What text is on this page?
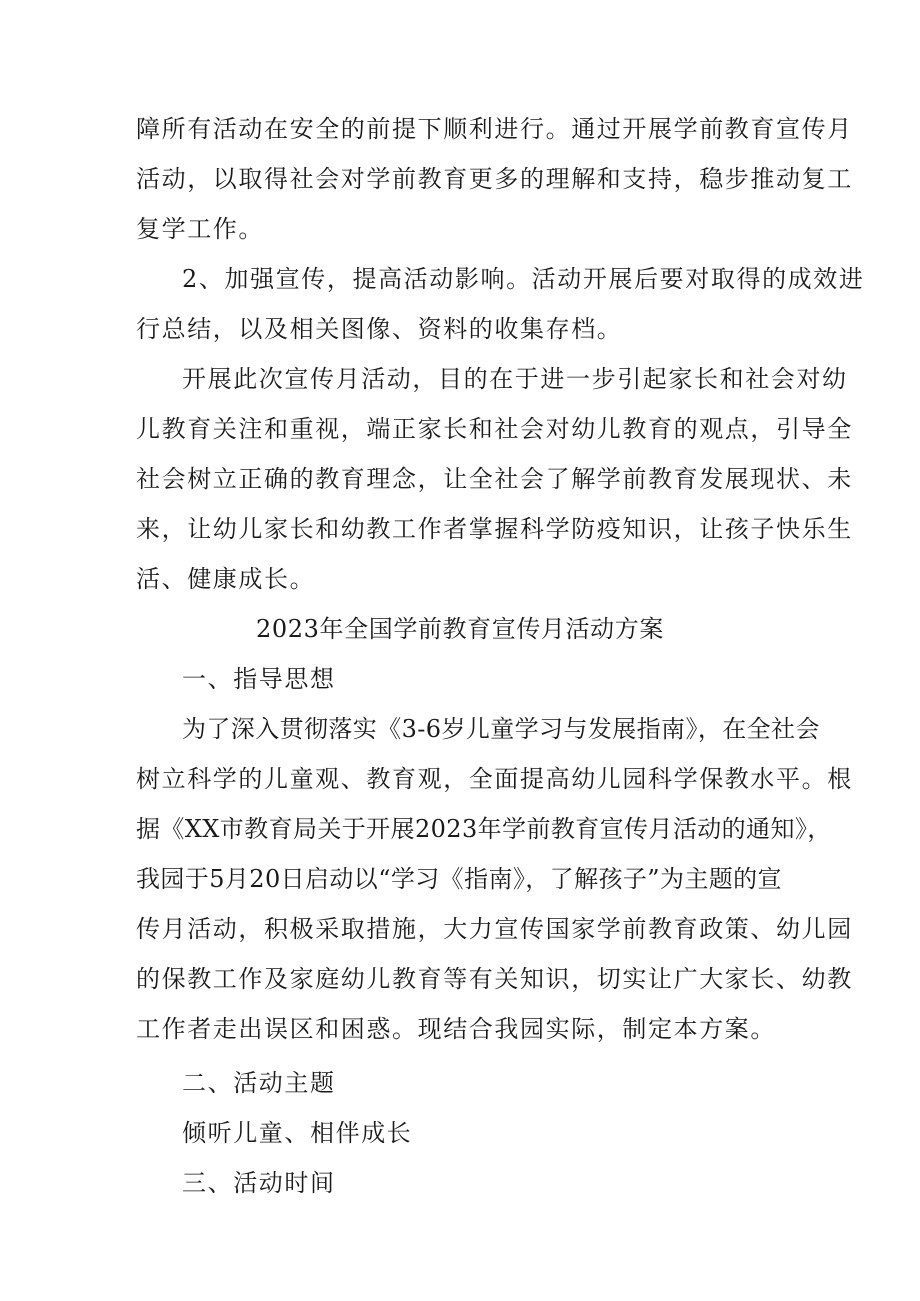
障所有活动在安全的前提下顺利进行。通过开展学前教育宣传月
活动，以取得社会对学前教育更多的理解和支持，稳步推动复工
复学工作。
2、加强宣传，提高活动影响。活动开展后要对取得的成效进
行总结，以及相关图像、资料的收集存档。
开展此次宣传月活动，目的在于进一步引起家长和社会对幼
儿教育关注和重视，端正家长和社会对幼儿教育的观点，引导全
社会树立正确的教育理念，让全社会了解学前教育发展现状、未
来，让幼儿家长和幼教工作者掌握科学防疫知识，让孩子快乐生
活、健康成长。
2023年全国学前教育宣传月活动方案
一、指导思想
为了深入贯彻落实《3-6岁儿童学习与发展指南》，在全社会
树立科学的儿童观、教育观，全面提高幼儿园科学保教水平。根
据《XX市教育局关于开展2023年学前教育宣传月活动的通知》，
我园于5月20日启动以“学习《指南》，了解孩子”为主题的宣
传月活动，积极采取措施，大力宣传国家学前教育政策、幼儿园
的保教工作及家庭幼儿教育等有关知识，切实让广大家长、幼教
工作者走出误区和困惑。现结合我园实际，制定本方案。
二、活动主题
倾听儿童、相伴成长
三、活动时间
